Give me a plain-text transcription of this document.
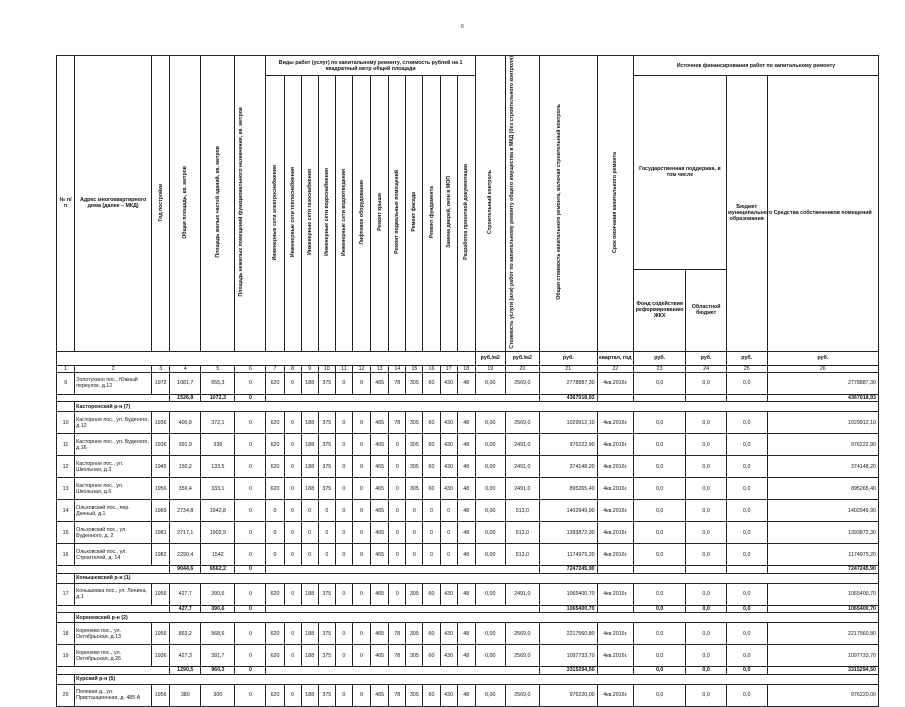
6
№ п/п	Адрес многоквартирного дома (далее – МКД)	Год постройки	Общая площадь, кв. метров	Площадь жилых частей зданий, кв. метров	Площадь нежилых помещений функционального назначения, кв. метров	Виды работ (услуг) по капитальному ремонту, стоимость рублей на 1 квадратный метр общей площади												Строительный контроль	Стоимость услуги (или) работ по капитальному ремонту общего имущества в МКД (без строительного контроля)	Общая стоимость капитального ремонта, включая строительный контроль	Срок окончания капитального ремонта	Источник финансирования работ по капитальному ремонту			
						Инженерные сети электроснабжения	Инженерные сети теплоснабжения	Инженерные сети газоснабжения	Инженерные сети водоснабжения	Инженерные сети водоотведения	Лифтовое оборудование	Ремонт крыши	Ремонт подвальных помещений	Ремонт фасада	Ремонт фундамента	Замена дверей, окон в МОП	Разработка проектной документации					Государственная поддержка, в том числе		Бюджет муниципального образования	Средства собственников помещений
																						Фонд содействия реформированию ЖКХ	Областной бюджет		
																		руб./м2	руб./м2	руб.	квартал, год	руб.	руб.	руб.	руб.
1	2	3	4	5	6	7	8	9	10	11	12	13	14	15	16	17	18	19	20	21	22	23	24	25	26
9	Золотухино пос., Южный переулок, д.12	1972	1081,7	655,3	0	620	0	188	375	0	0	465	78	305	60	430	48	0,00	2569,0	2778887,30	4кв.2016г.	0,0	0,0	0,0	2778887,30
			1526,8	1072,3	0															4367018,93					4367018,93
	Касторенский р-н (7)																								
10	Касторное пос., ул. Буденого, д.12	1936	400,8	372,1	0	620	0	188	375	0	0	465	78	305	60	430	48	0,00	2569,0	1029912,10	4кв.2016г.	0,0	0,0	0,0	1029912,10
11	Касторное пос., ул. Буденого, д.16	1936	391,9	336	0	620	0	188	375	0	0	465	0	305	60	430	48	0,00	2491,0	976222,90	4кв.2016г.	0,0	0,0	0,0	976222,90
12	Касторное пос., ул. Школьная, д.3	1945	150,2	133,5	0	620	0	188	375	0	0	465	0	305	60	430	48	0,00	2491,0	374148,20	4кв.2016г.	0,0	0,0	0,0	374148,20
13	Касторное пос., ул. Школьная, д.6	1956	359,4	333,1	0	620	0	188	375	0	0	465	0	305	60	430	48	0,00	2491,0	895265,40	4кв.2016г.	0,0	0,0	0,0	895265,40
14	Ольховский пос., пер. Дачный, д.1	1989	2734,8	1942,8	0	0	0	0	0	0	0	465	0	0	0	0	48	0,00	513,0	1402949,90	4кв.2016г.	0,0	0,0	0,0	1402949,90
15	Ольховский пос., ул. Буденного, д. 2	1981	2717,1	1902,9	0	0	0	0	0	0	0	465	0	0	0	0	48	0,00	513,0	1393872,30	4кв.2016г.	0,0	0,0	0,0	1393872,30
16	Ольховский пос., ул. Строителей, д. 14	1982	2290,4	1542	0	0	0	0	0	0	0	465	0	0	0	0	48	0,00	513,0	1174975,20	4кв.2016г.	0,0	0,0	0,0	1174975,20
			9044,6	6562,2	0															7247245,90					7247245,90
	Конышевский р-н (1)																								
17	Конышевка пос., ул. Ленина, д.1	1956	427,7	390,6	0	620	0	188	375	0	0	465	0	305	60	430	48	0,00	2491,0	1065400,70	4кв.2016г.	0,0	0,0	0,0	1065400,70
			427,7	390,6	0															1065400,70		0,0	0,0	0,0	1065400,70
	Кореневский р-н (2)																								
18	Коренево пос., ул. Октябрьская, д.13	1956	863,2	568,6	0	620	0	188	375	0	0	465	78	305	60	430	48	0,00	2569,0	2217560,80	4кв.2016г.	0,0	0,0	0,0	2217560,80
19	Коренево пос., ул. Октябрьская, д.26	1936	427,3	391,7	0	620	0	188	375	0	0	465	78	305	60	430	48	0,00	2569,0	1097733,70	4кв.2016г.	0,0	0,0	0,0	1097733,70
			1290,5	960,3	0															3315294,50		0,0	0,0	0,0	3315294,50
	Курский р-н (5)																								
20	Полевая д., ул. Пристанционная, д. 485 А	1956	380	300	0	620	0	188	375	0	0	465	78	305	60	430	48	0,00	2569,0	976220,00	4кв.2016г.	0,0	0,0	0,0	976220,00
